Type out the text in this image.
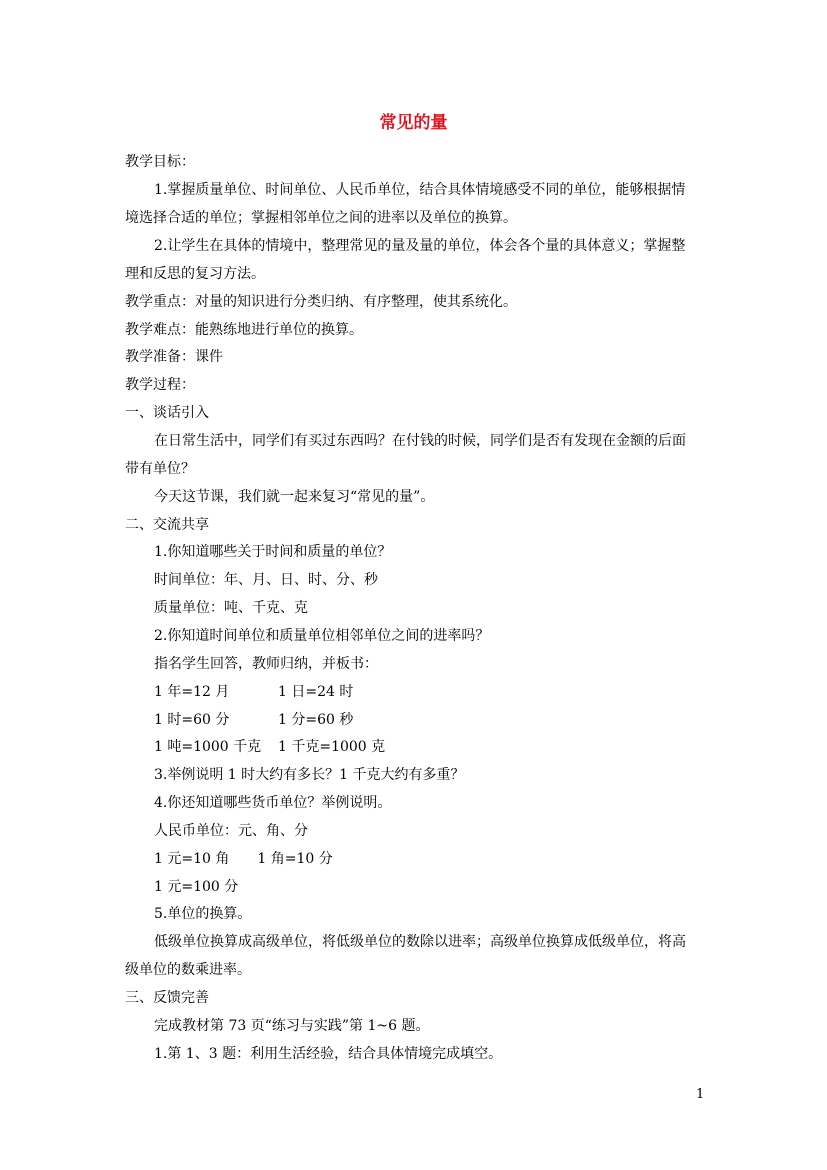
常见的量
教学目标：
1.掌握质量单位、时间单位、人民币单位，结合具体情境感受不同的单位，能够根据情
境选择合适的单位；掌握相邻单位之间的进率以及单位的换算。
2.让学生在具体的情境中，整理常见的量及量的单位，体会各个量的具体意义；掌握整
理和反思的复习方法。
教学重点：对量的知识进行分类归纳、有序整理，使其系统化。
教学难点：能熟练地进行单位的换算。
教学准备：课件
教学过程：
一、谈话引入
在日常生活中，同学们有买过东西吗？在付钱的时候，同学们是否有发现在金额的后面
带有单位？
今天这节课，我们就一起来复习“常见的量”。
二、交流共享
1.你知道哪些关于时间和质量的单位？
时间单位：年、月、日、时、分、秒
质量单位：吨、千克、克
2.你知道时间单位和质量单位相邻单位之间的进率吗？
指名学生回答，教师归纳，并板书：
1 年=12 月	1 日=24 时
1 时=60 分	1 分=60 秒
1 吨=1000 千克	1 千克=1000 克
3.举例说明 1 时大约有多长？1 千克大约有多重？
4.你还知道哪些货币单位？举例说明。
人民币单位：元、角、分
1 元=10 角　　1 角=10 分
1 元=100 分
5.单位的换算。
低级单位换算成高级单位，将低级单位的数除以进率；高级单位换算成低级单位，将高
级单位的数乘进率。
三、反馈完善
完成教材第 73 页“练习与实践”第 1~6 题。
1.第 1、3 题：利用生活经验，结合具体情境完成填空。
1
